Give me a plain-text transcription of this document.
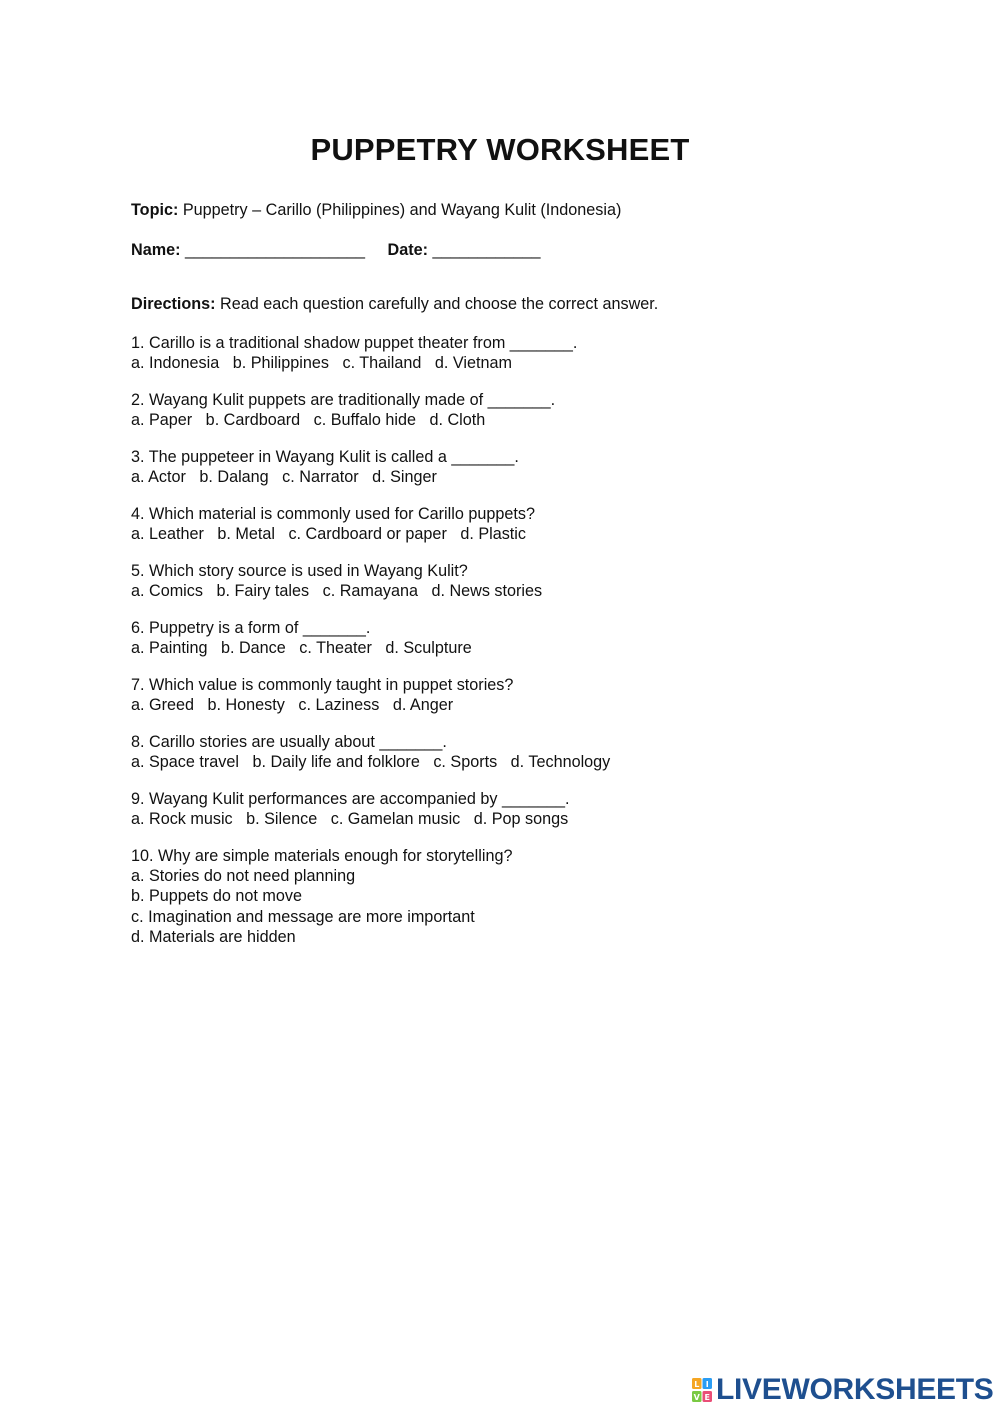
PUPPETRY WORKSHEET
Topic: Puppetry – Carillo (Philippines) and Wayang Kulit (Indonesia)
Name: ____________________ Date: ____________
Directions: Read each question carefully and choose the correct answer.
1. Carillo is a traditional shadow puppet theater from _______.
a. Indonesia   b. Philippines   c. Thailand   d. Vietnam
2. Wayang Kulit puppets are traditionally made of _______.
a. Paper   b. Cardboard   c. Buffalo hide   d. Cloth
3. The puppeteer in Wayang Kulit is called a _______.
a. Actor   b. Dalang   c. Narrator   d. Singer
4. Which material is commonly used for Carillo puppets?
a. Leather   b. Metal   c. Cardboard or paper   d. Plastic
5. Which story source is used in Wayang Kulit?
a. Comics   b. Fairy tales   c. Ramayana   d. News stories
6. Puppetry is a form of _______.
a. Painting   b. Dance   c. Theater   d. Sculpture
7. Which value is commonly taught in puppet stories?
a. Greed   b. Honesty   c. Laziness   d. Anger
8. Carillo stories are usually about _______.
a. Space travel   b. Daily life and folklore   c. Sports   d. Technology
9. Wayang Kulit performances are accompanied by _______.
a. Rock music   b. Silence   c. Gamelan music   d. Pop songs
10. Why are simple materials enough for storytelling?
a. Stories do not need planning
b. Puppets do not move
c. Imagination and message are more important
d. Materials are hidden
L I
V E LIVEWORKSHEETS
